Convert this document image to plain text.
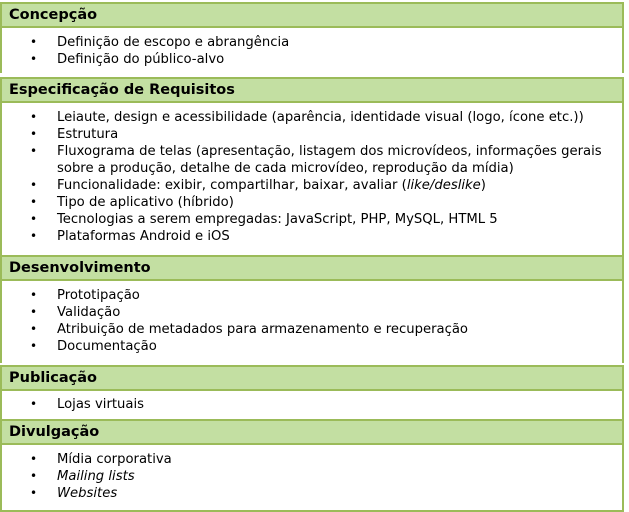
Concepção
• Definição de escopo e abrangência
• Definição do público-alvo
Especificação de Requisitos
• Leiaute, design e acessibilidade (aparência, identidade visual (logo, ícone etc.))
• Estrutura
• Fluxograma de telas (apresentação, listagem dos microvídeos, informações gerais sobre a produção, detalhe de cada microvídeo, reprodução da mídia)
• Funcionalidade: exibir, compartilhar, baixar, avaliar (like/deslike)
• Tipo de aplicativo (híbrido)
• Tecnologias a serem empregadas: JavaScript, PHP, MySQL, HTML 5
• Plataformas Android e iOS
Desenvolvimento
• Prototipação
• Validação
• Atribuição de metadados para armazenamento e recuperação
• Documentação
Publicação
• Lojas virtuais
Divulgação
• Mídia corporativa
• Mailing lists
• Websites
